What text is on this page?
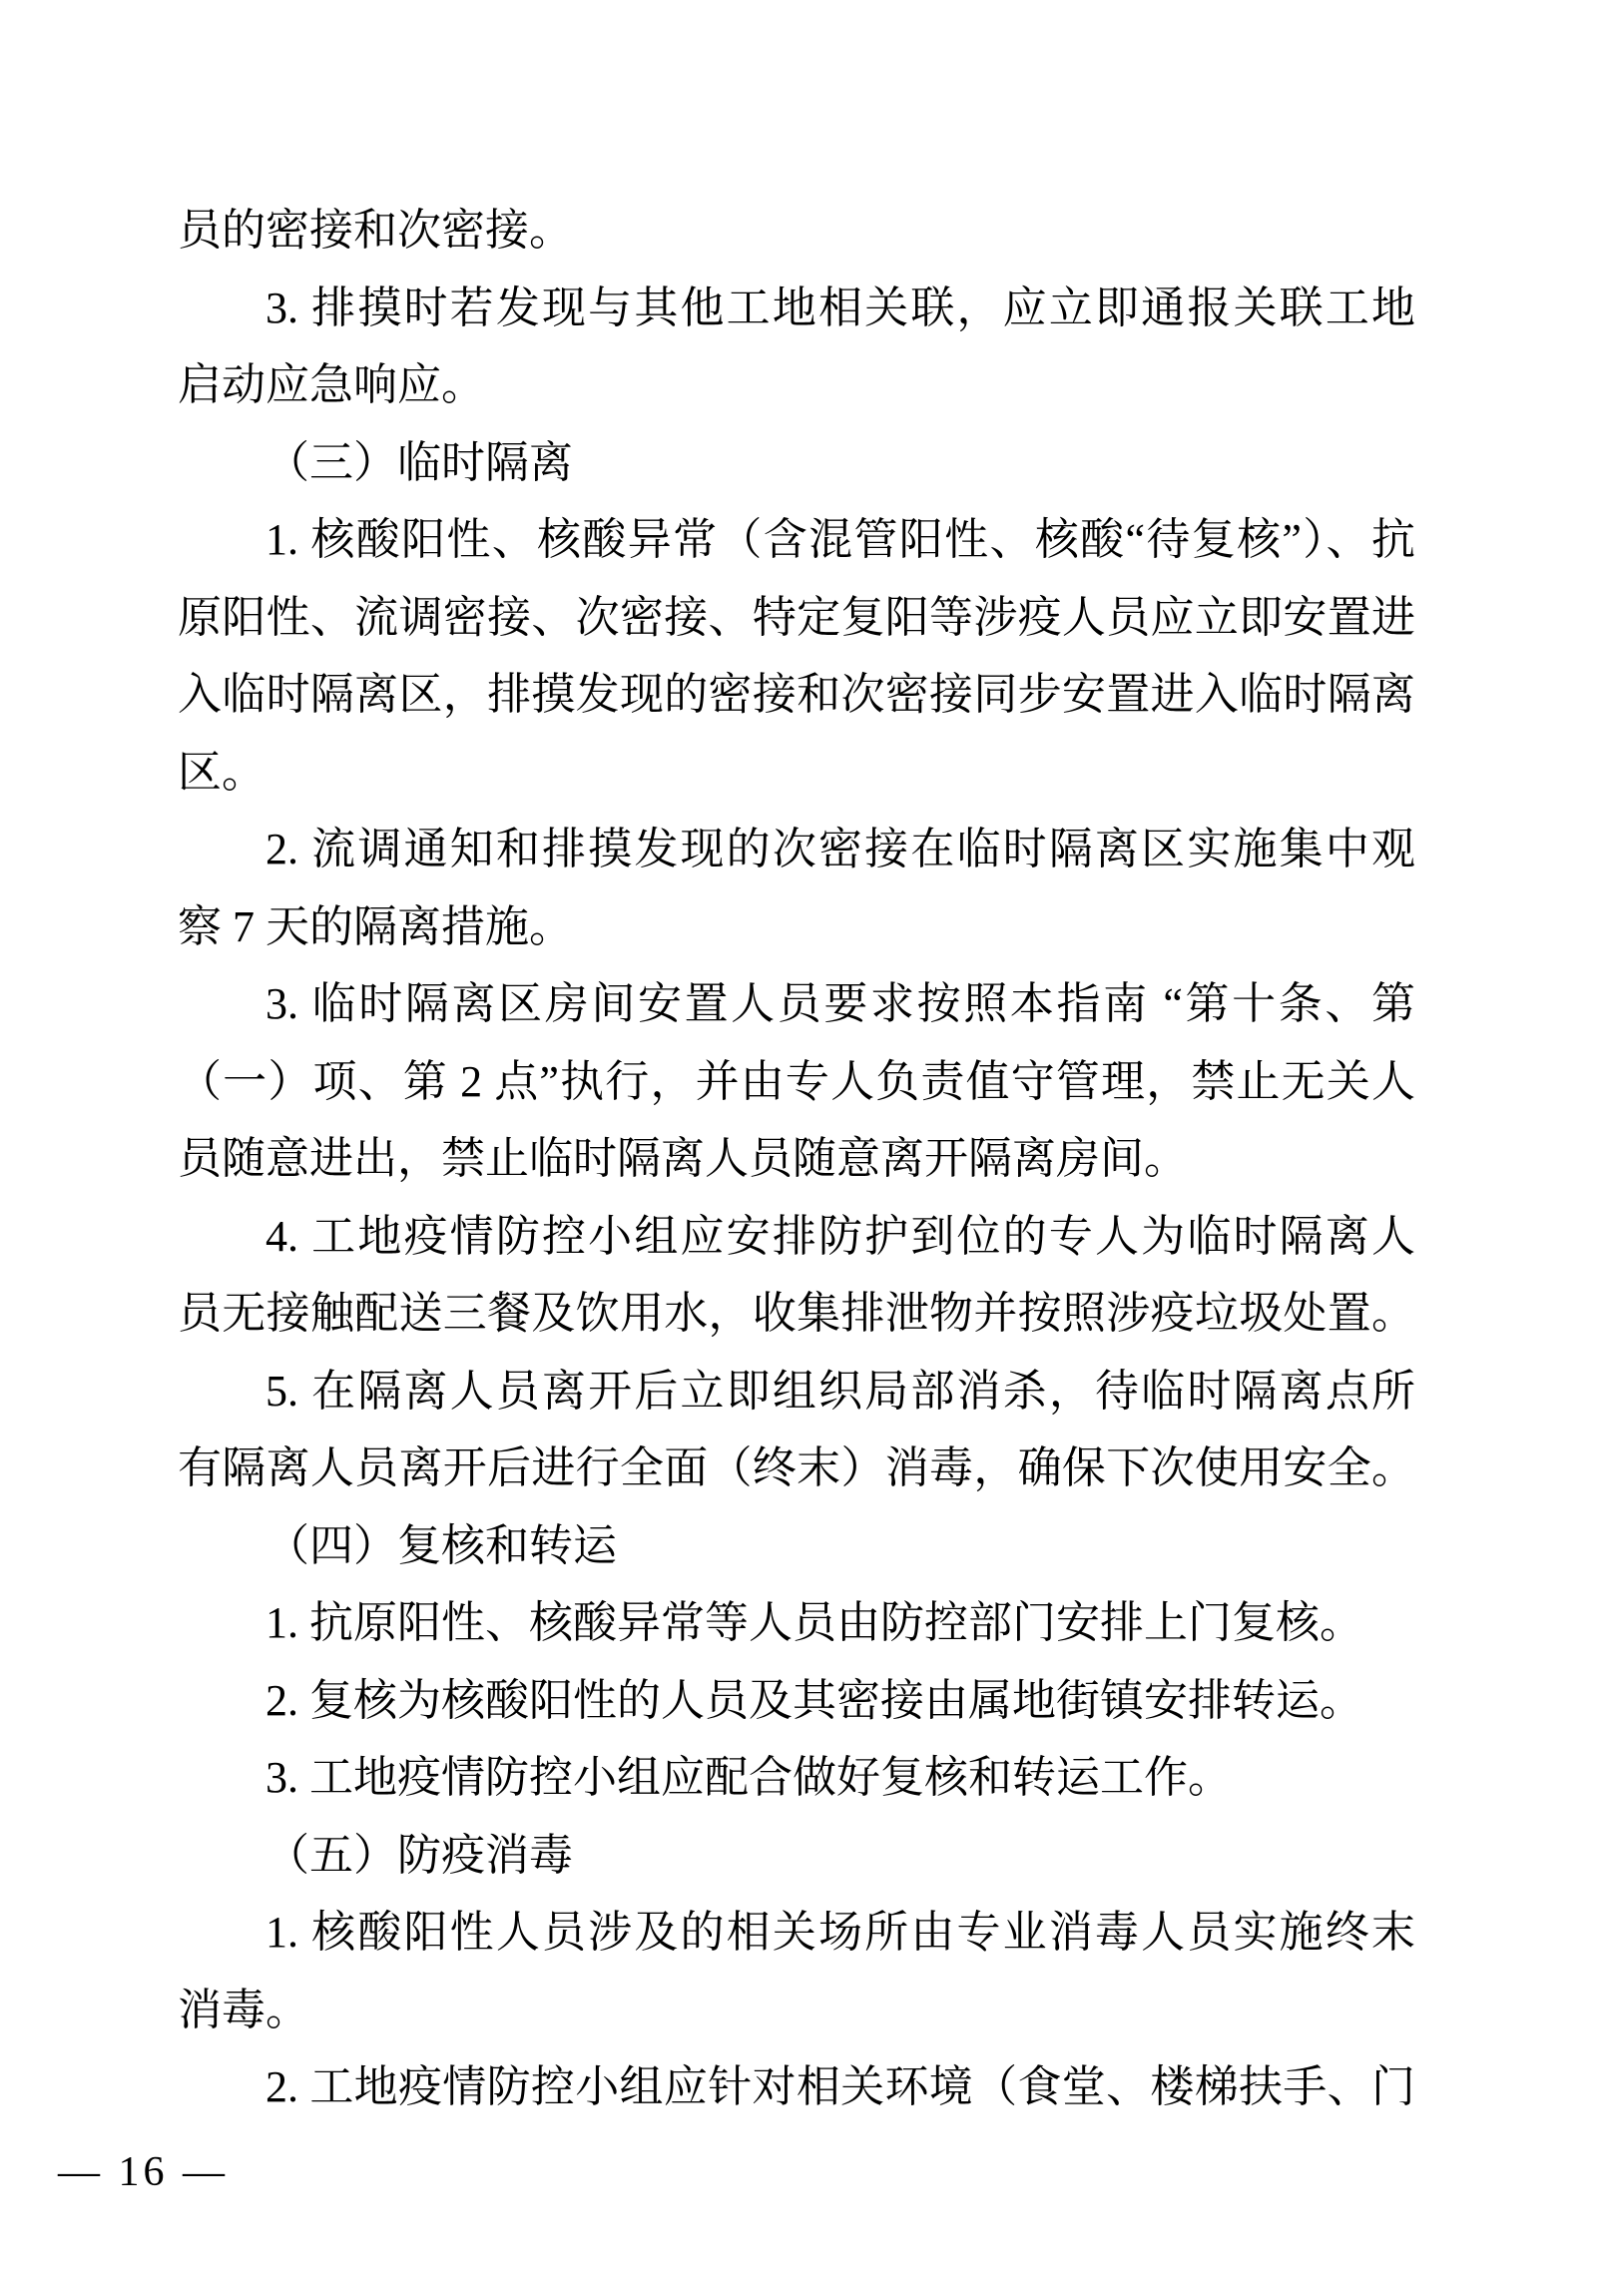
员的密接和次密接。
3. 排摸时若发现与其他工地相关联，应立即通报关联工地
启动应急响应。
（三）临时隔离
1. 核酸阳性、核酸异常（含混管阳性、核酸“待复核”）、抗
原阳性、流调密接、次密接、特定复阳等涉疫人员应立即安置进
入临时隔离区，排摸发现的密接和次密接同步安置进入临时隔离
区。
2. 流调通知和排摸发现的次密接在临时隔离区实施集中观
察 7 天的隔离措施。
3. 临时隔离区房间安置人员要求按照本指南 “第十条、第
（一）项、第 2 点”执行，并由专人负责值守管理，禁止无关人
员随意进出，禁止临时隔离人员随意离开隔离房间。
4. 工地疫情防控小组应安排防护到位的专人为临时隔离人
员无接触配送三餐及饮用水，收集排泄物并按照涉疫垃圾处置。
5. 在隔离人员离开后立即组织局部消杀，待临时隔离点所
有隔离人员离开后进行全面（终末）消毒，确保下次使用安全。
（四）复核和转运
1. 抗原阳性、核酸异常等人员由防控部门安排上门复核。
2. 复核为核酸阳性的人员及其密接由属地街镇安排转运。
3. 工地疫情防控小组应配合做好复核和转运工作。
（五）防疫消毒
1. 核酸阳性人员涉及的相关场所由专业消毒人员实施终末
消毒。
2. 工地疫情防控小组应针对相关环境（食堂、楼梯扶手、门
— 16 —
